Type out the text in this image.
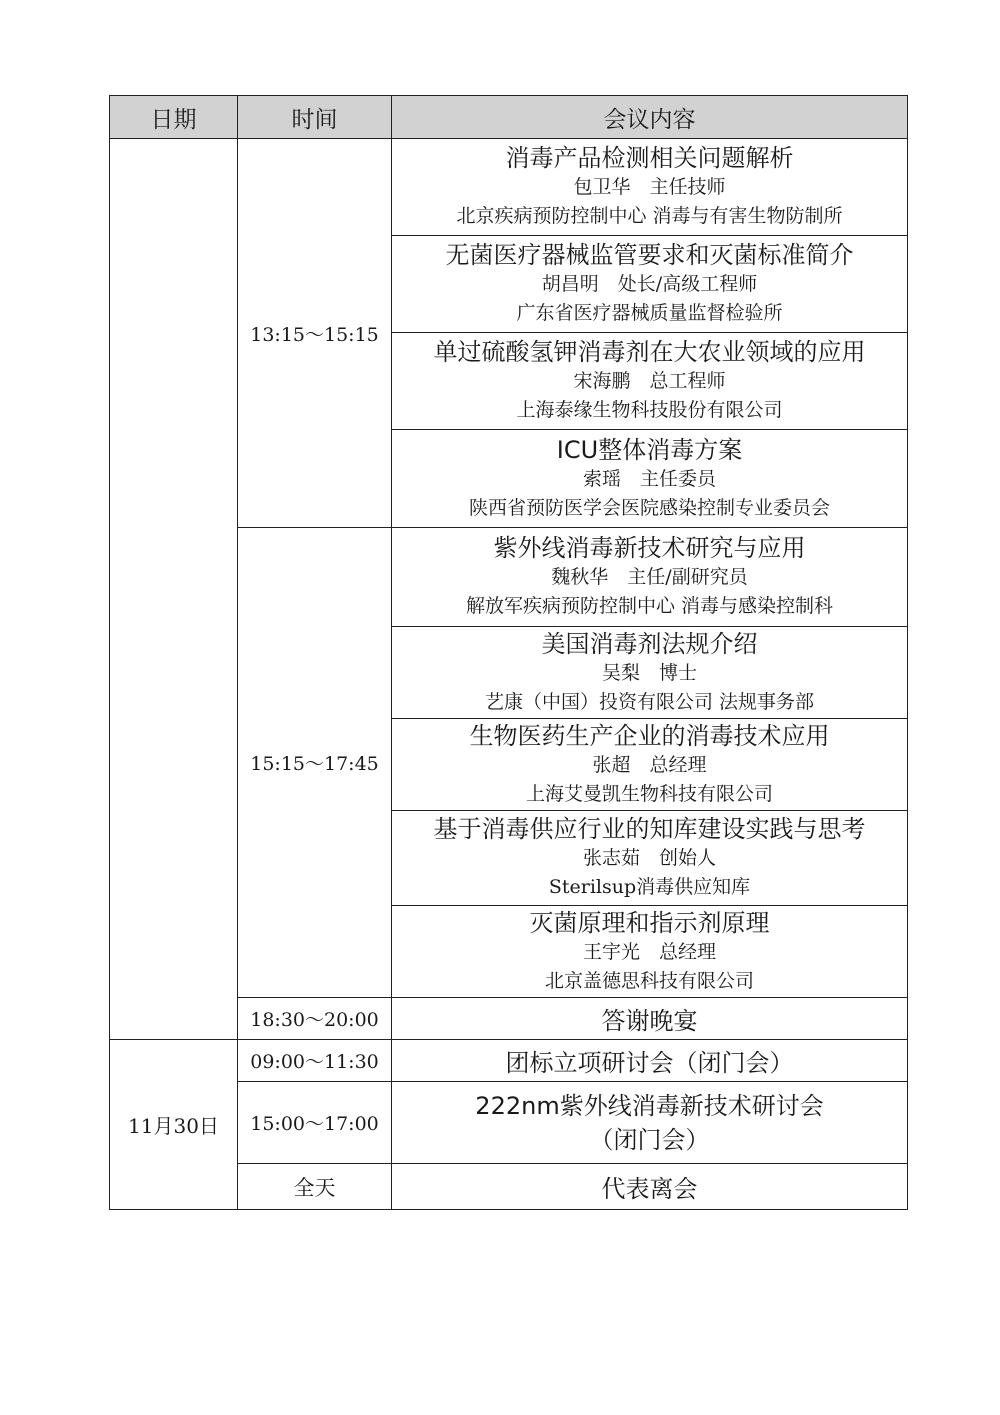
日期	时间	会议内容
	13:15～15:15	消毒产品检测相关问题解析
包卫华　主任技师
北京疾病预防控制中心 消毒与有害生物防制所

		无菌医疗器械监管要求和灭菌标准简介
胡昌明　处长/高级工程师
广东省医疗器械质量监督检验所

		单过硫酸氢钾消毒剂在大农业领域的应用
宋海鹏　总工程师
上海泰缘生物科技股份有限公司

		ICU整体消毒方案
索瑶　主任委员
陕西省预防医学会医院感染控制专业委员会

	15:15～17:45	紫外线消毒新技术研究与应用
魏秋华　主任/副研究员
解放军疾病预防控制中心 消毒与感染控制科

		美国消毒剂法规介绍
吴梨　博士
艺康（中国）投资有限公司 法规事务部

		生物医药生产企业的消毒技术应用
张超　总经理
上海艾曼凯生物科技有限公司

		基于消毒供应行业的知库建设实践与思考
张志茹　创始人
Sterilsup消毒供应知库

		灭菌原理和指示剂原理
王宇光　总经理
北京盖德思科技有限公司

	18:30～20:00	答谢晚宴
11月30日	09:00～11:30	团标立项研讨会（闭门会）
	15:00～17:00	222nm紫外线消毒新技术研讨会
（闭门会）

	全天	代表离会
